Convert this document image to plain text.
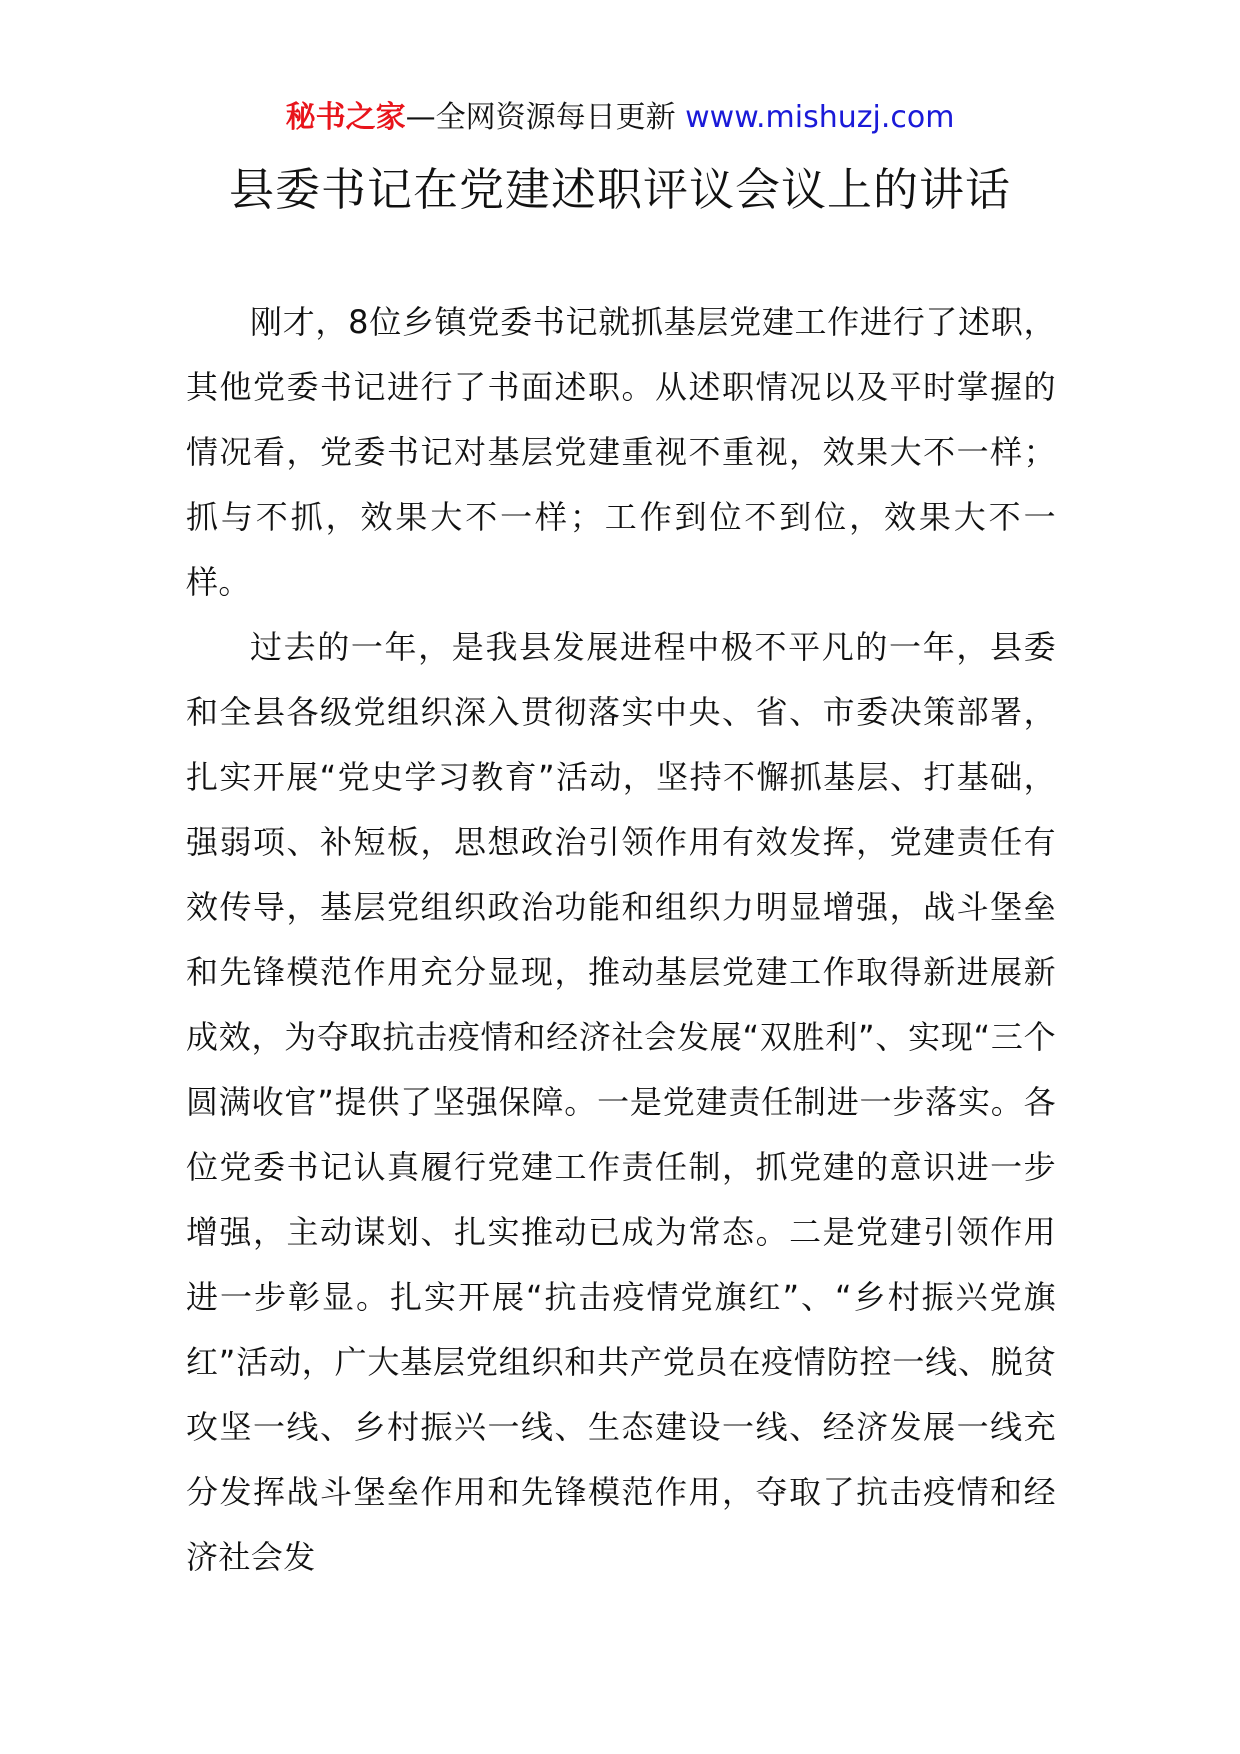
秘书之家—全网资源每日更新 www.mishuzj.com
县委书记在党建述职评议会议上的讲话

刚才，8位乡镇党委书记就抓基层党建工作进行了述职，其他党委书记进行了书面述职。从述职情况以及平时掌握的情况看，党委书记对基层党建重视不重视，效果大不一样；抓与不抓，效果大不一样；工作到位不到位，效果大不一样。

过去的一年，是我县发展进程中极不平凡的一年，县委和全县各级党组织深入贯彻落实中央、省、市委决策部署，扎实开展“党史学习教育”活动，坚持不懈抓基层、打基础，强弱项、补短板，思想政治引领作用有效发挥，党建责任有效传导，基层党组织政治功能和组织力明显增强，战斗堡垒和先锋模范作用充分显现，推动基层党建工作取得新进展新成效，为夺取抗击疫情和经济社会发展“双胜利”、实现“三个圆满收官”提供了坚强保障。一是党建责任制进一步落实。各位党委书记认真履行党建工作责任制，抓党建的意识进一步增强，主动谋划、扎实推动已成为常态。二是党建引领作用进一步彰显。扎实开展“抗击疫情党旗红”、“乡村振兴党旗红”活动，广大基层党组织和共产党员在疫情防控一线、脱贫攻坚一线、乡村振兴一线、生态建设一线、经济发展一线充分发挥战斗堡垒作用和先锋模范作用，夺取了抗击疫情和经济社会发
